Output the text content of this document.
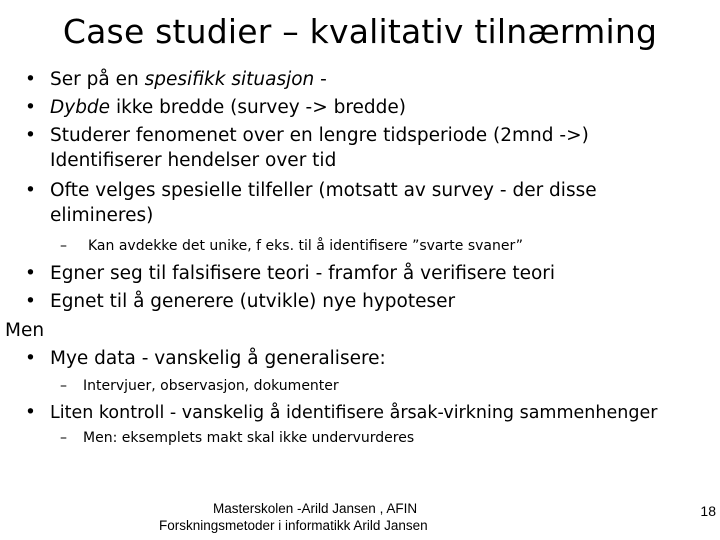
Case studier – kvalitativ tilnærming
• Ser på en spesifikk situasjon -
• Dybde ikke bredde (survey -> bredde)
• Studerer fenomenet over en lengre tidsperiode (2mnd ->)
Identifiserer hendelser over tid
• Ofte velges spesielle tilfeller (motsatt av survey - der disse
elimineres)
– Kan avdekke det unike, f eks. til å identifisere ”svarte svaner”
• Egner seg til falsifisere teori - framfor å verifisere teori
• Egnet til å generere (utvikle) nye hypoteser
Men
• Mye data - vanskelig å generalisere:
– Intervjuer, observasjon, dokumenter
• Liten kontroll - vanskelig å identifisere årsak-virkning sammenhenger
– Men: eksemplets makt skal ikke undervurderes
Masterskolen -Arild Jansen , AFIN
Forskningsmetoder i informatikk Arild Jansen
18
